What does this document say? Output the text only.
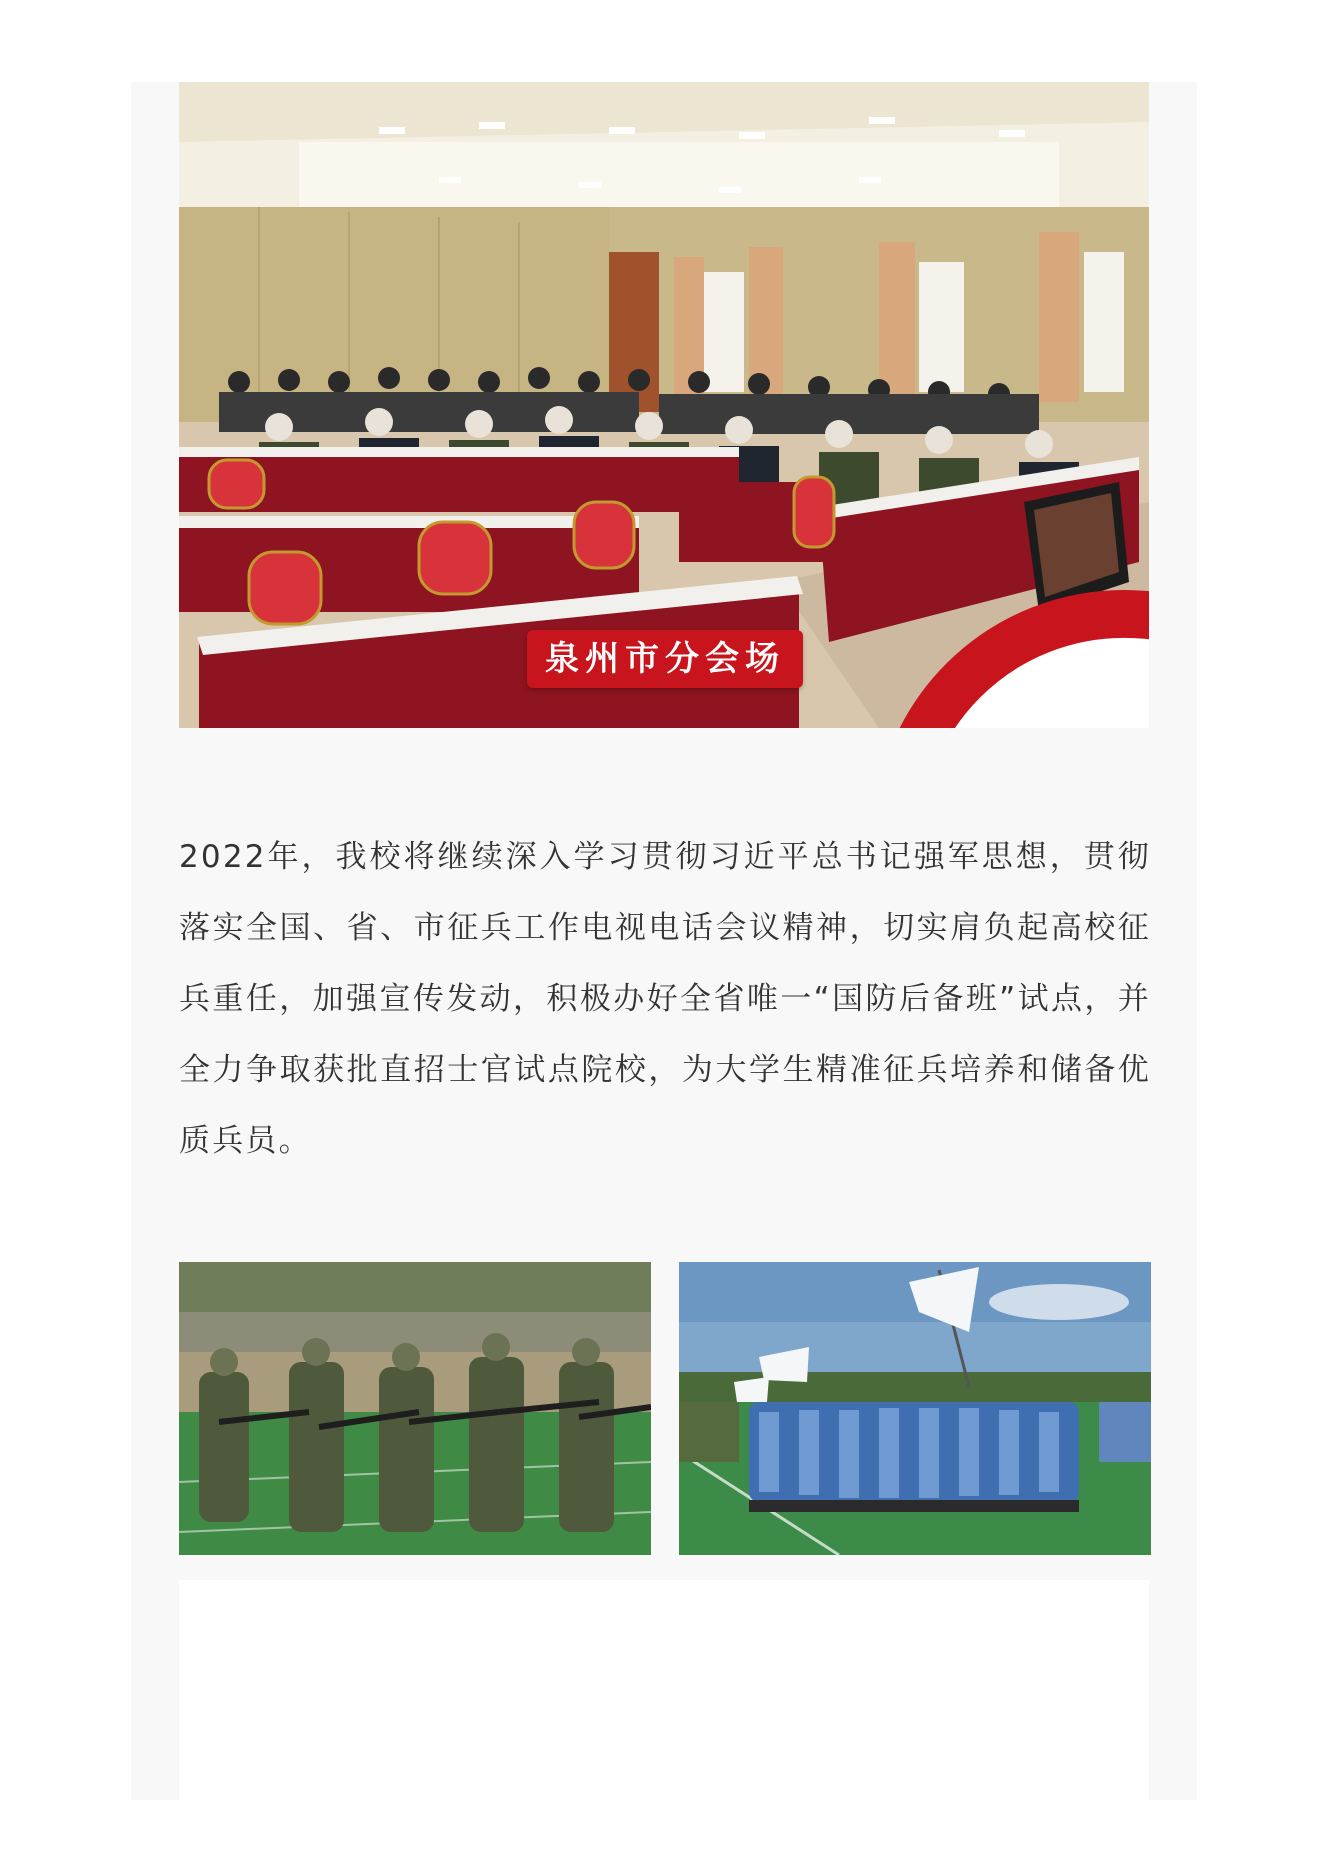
泉州市分会场

2022年，我校将继续深入学习贯彻习近平总书记强军思想，贯彻落实全国、省、市征兵工作电视电话会议精神，切实肩负起高校征兵重任，加强宣传发动，积极办好全省唯一“国防后备班”试点，并全力争取获批直招士官试点院校，为大学生精准征兵培养和储备优质兵员。
